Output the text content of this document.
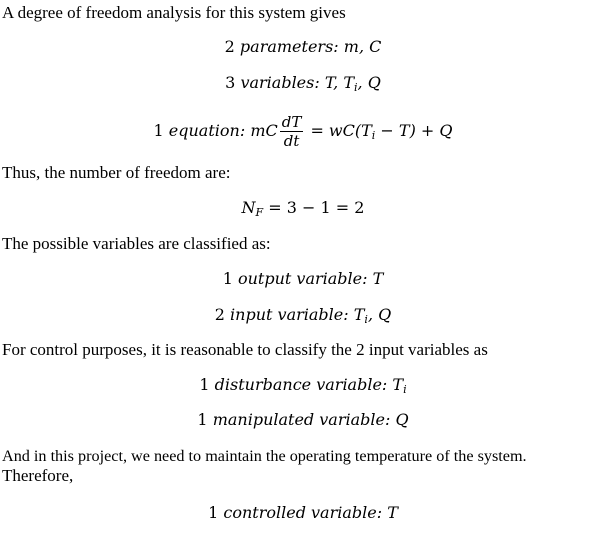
A degree of freedom analysis for this system gives
2 parameters: m, C
3 variables: T, $T_i$, Q
1 equation: mC $\frac{dT}{dt} = wC(T_i - T) + Q$
Thus, the number of freedom are:
$N_F = 3 - 1 = 2$
The possible variables are classified as:
1 output variable: T
2 input variable: $T_i$, Q
For control purposes, it is reasonable to classify the 2 input variables as
1 disturbance variable: $T_i$
1 manipulated variable: Q
And in this project, we need to maintain the operating temperature of the system.
Therefore,
1 controlled variable: T
